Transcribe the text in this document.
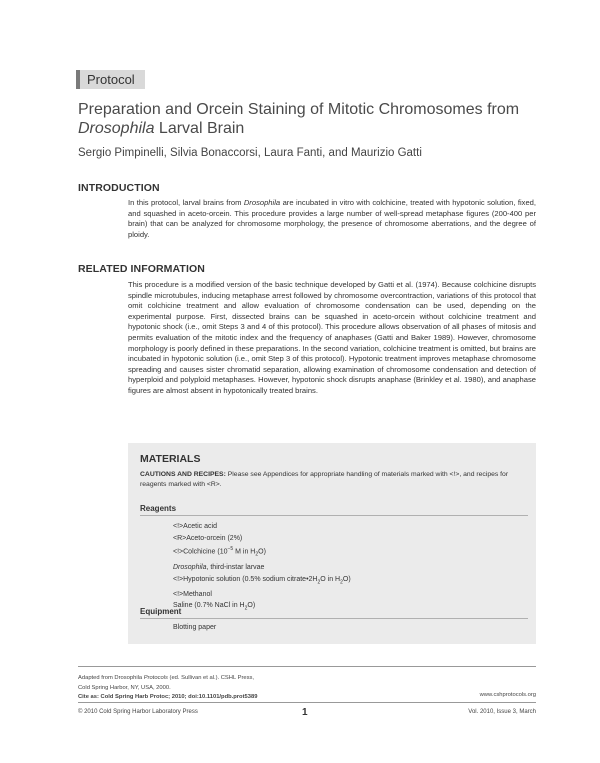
Protocol
Preparation and Orcein Staining of Mitotic Chromosomes from
Drosophila Larval Brain
Sergio Pimpinelli, Silvia Bonaccorsi, Laura Fanti, and Maurizio Gatti
INTRODUCTION
In this protocol, larval brains from Drosophila are incubated in vitro with colchicine, treated with hypotonic solution, fixed, and squashed in aceto-orcein. This procedure provides a large number of well-spread metaphase figures (200-400 per brain) that can be analyzed for chromosome morphology, the presence of chromosome aberrations, and the degree of ploidy.
RELATED INFORMATION
This procedure is a modified version of the basic technique developed by Gatti et al. (1974). Because colchicine disrupts spindle microtubules, inducing metaphase arrest followed by chromosome overcontraction, variations of this protocol that omit colchicine treatment and allow evaluation of chromosome condensation can be used, depending on the experimental purpose. First, dissected brains can be squashed in aceto-orcein without colchicine treatment and hypotonic shock (i.e., omit Steps 3 and 4 of this protocol). This procedure allows observation of all phases of mitosis and permits evaluation of the mitotic index and the frequency of anaphases (Gatti and Baker 1989). However, chromosome morphology is poorly defined in these preparations. In the second variation, colchicine treatment is omitted, but brains are incubated in hypotonic solution (i.e., omit Step 3 of this protocol). Hypotonic treatment improves metaphase chromosome spreading and causes sister chromatid separation, allowing examination of chromosome condensation and detection of hyperploid and polyploid metaphases. However, hypotonic shock disrupts anaphase (Brinkley et al. 1980), and anaphase figures are almost absent in hypotonically treated brains.
MATERIALS
CAUTIONS AND RECIPES: Please see Appendices for appropriate handling of materials marked with <!>, and recipes for reagents marked with <R>.
Reagents
<!>Acetic acid
<R>Aceto-orcein (2%)
<!>Colchicine ($10^{-5}$ M in $H_2O$)
Drosophila, third-instar larvae
<!>Hypotonic solution (0.5% sodium $citrate•2H_2O$ in $H_2O$)
<!>Methanol
Saline (0.7% NaCl in $H_2O$)
Equipment
Blotting paper
Adapted from Drosophila Protocols (ed. Sullivan et al.). CSHL Press,
Cold Spring Harbor, NY, USA, 2000.
Cite as: Cold Spring Harb Protoc; 2010; doi:10.1101/pdb.prot5389	www.cshprotocols.org
© 2010 Cold Spring Harbor Laboratory Press	1	Vol. 2010, Issue 3, March
